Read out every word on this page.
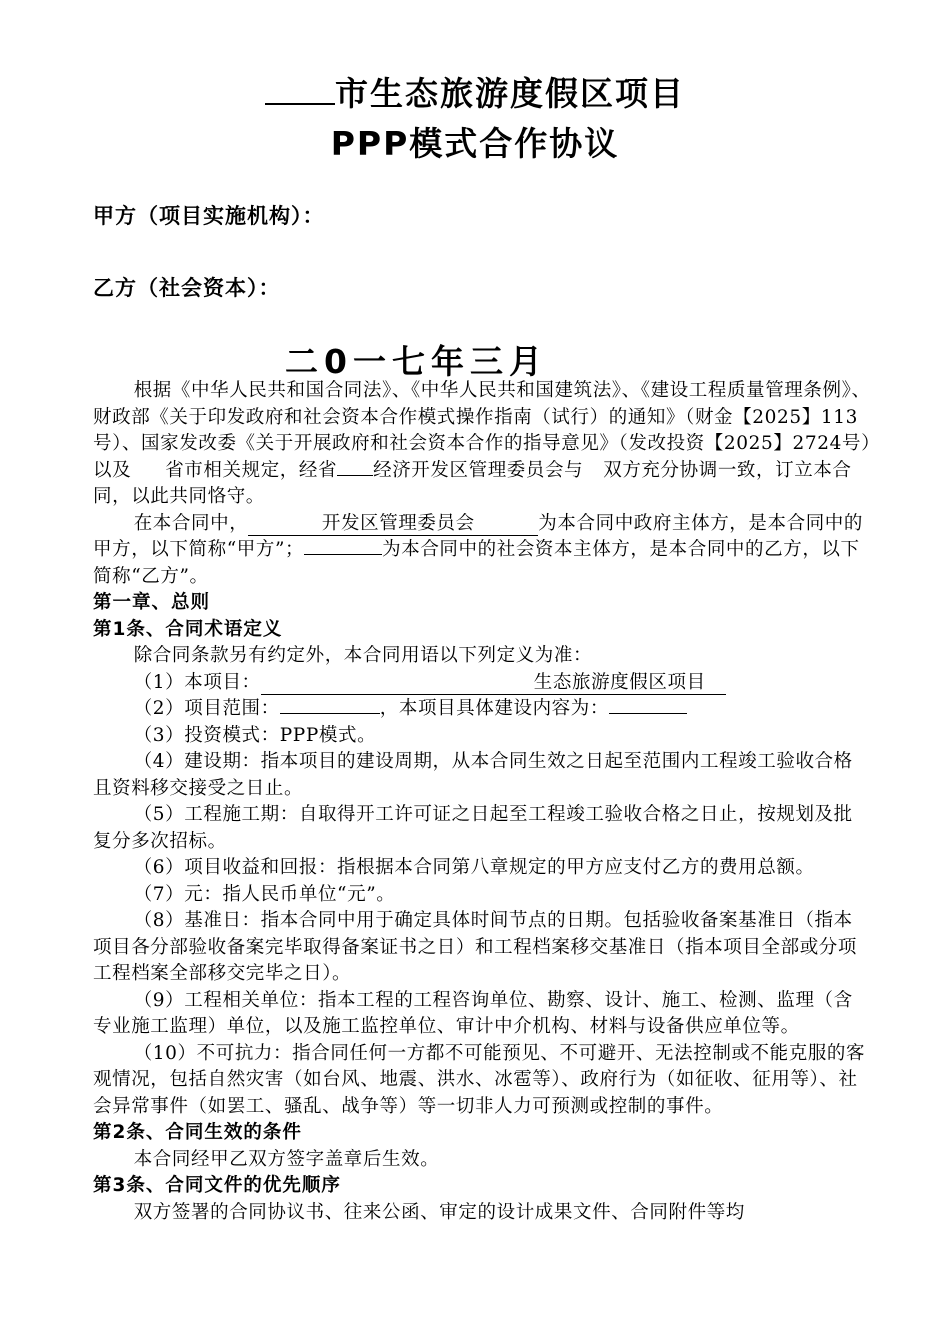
市生态旅游度假区项目
PPP模式合作协议
甲方（项目实施机构）：
乙方（社会资本）：
二0一七年三月

根据《中华人民共和国合同法》、《中华人民共和国建筑法》、《建设工程质量管理条例》、财政部《关于印发政府和社会资本合作模式操作指南（试行）的通知》（财金【2025】113号）、国家发改委《关于开展政府和社会资本合作的指导意见》（发改投资【2025】2724号）以及 省市相关规定，经省 经济开发区管理委员会与 双方充分协调一致，订立本合同，以此共同恪守。

在本合同中，	开发区管理委员会	为本合同中政府主体方，是本合同中的甲方，以下简称“甲方”；	为本合同中的社会资本主体方，是本合同中的乙方，以下简称“乙方”。

第一章、总则

第1条、合同术语定义

除合同条款另有约定外，本合同用语以下列定义为准：

（1）本项目：	生态旅游度假区项目

（2）项目范围：	，本项目具体建设内容为：

（3）投资模式：PPP模式。

（4）建设期：指本项目的建设周期，从本合同生效之日起至范围内工程竣工验收合格且资料移交接受之日止。

（5）工程施工期：自取得开工许可证之日起至工程竣工验收合格之日止，按规划及批复分多次招标。

（6）项目收益和回报：指根据本合同第八章规定的甲方应支付乙方的费用总额。

（7）元：指人民币单位“元”。

（8）基准日：指本合同中用于确定具体时间节点的日期。包括验收备案基准日（指本项目各分部验收备案完毕取得备案证书之日）和工程档案移交基准日（指本项目全部或分项工程档案全部移交完毕之日）。

（9）工程相关单位：指本工程的工程咨询单位、勘察、设计、施工、检测、监理（含专业施工监理）单位，以及施工监控单位、审计中介机构、材料与设备供应单位等。

（10）不可抗力：指合同任何一方都不可能预见、不可避开、无法控制或不能克服的客观情况，包括自然灾害（如台风、地震、洪水、冰雹等）、政府行为（如征收、征用等）、社会异常事件（如罢工、骚乱、战争等）等一切非人力可预测或控制的事件。

第2条、合同生效的条件

本合同经甲乙双方签字盖章后生效。

第3条、合同文件的优先顺序

双方签署的合同协议书、往来公函、审定的设计成果文件、合同附件等均
